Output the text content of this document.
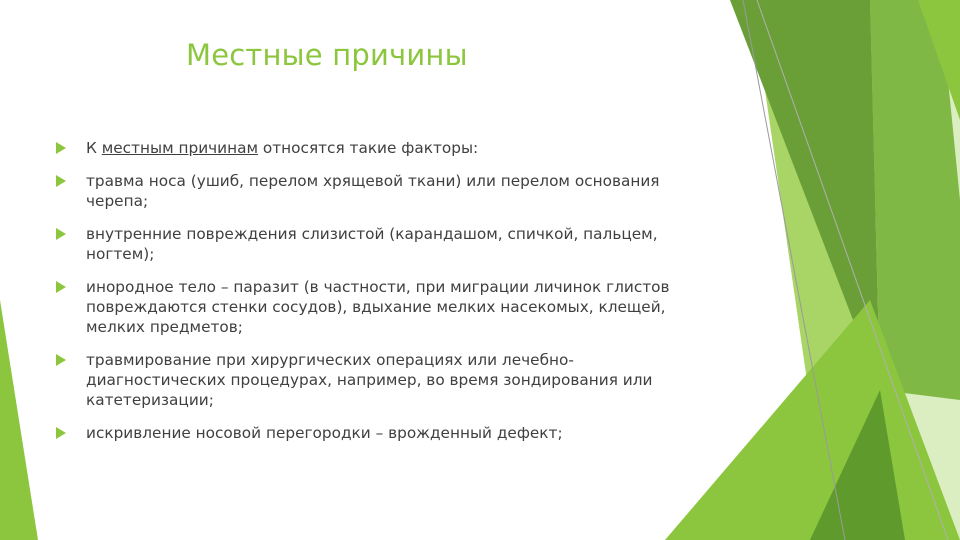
Местные причины
К местным причинам относятся такие факторы:
травма носа (ушиб, перелом хрящевой ткани) или перелом основания черепа;
внутренние повреждения слизистой (карандашом, спичкой, пальцем, ногтем);
инородное тело – паразит (в частности, при миграции личинок глистов повреждаются стенки сосудов), вдыхание мелких насекомых, клещей, мелких предметов;
травмирование при хирургических операциях или лечебно-диагностических процедурах, например, во время зондирования или катетеризации;
искривление носовой перегородки – врожденный дефект;
